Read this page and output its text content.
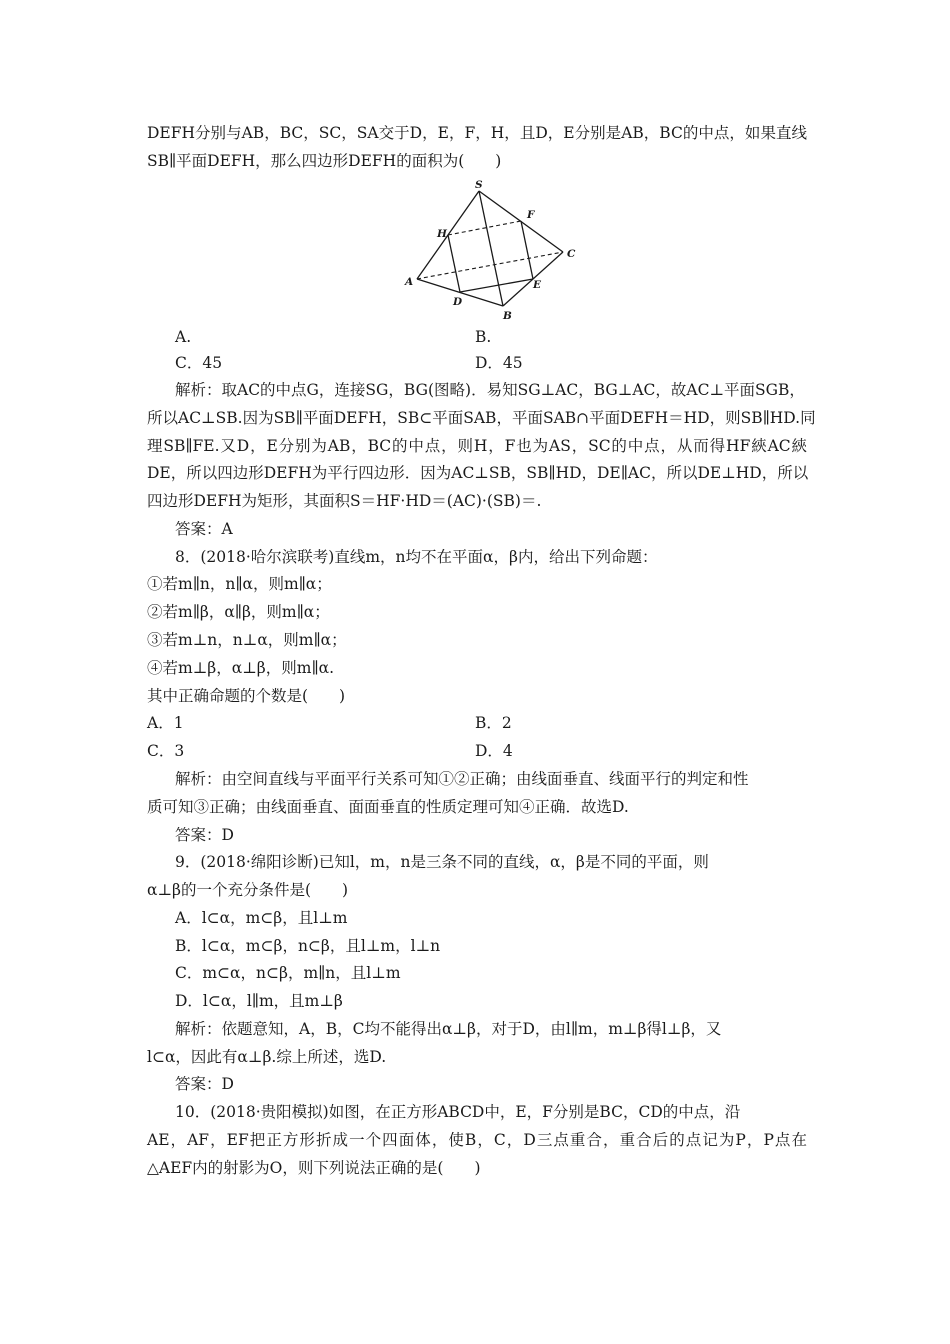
DEFH分别与AB，BC，SC，SA交于D，E，F，H，且D，E分别是AB，BC的中点，如果直线
SB∥平面DEFH，那么四边形DEFH的面积为(　　)
S
F
H
C
A	E
D
B
A.	B.
C．45	D．45
解析：取AC的中点G，连接SG，BG(图略)．易知SG⊥AC，BG⊥AC，故AC⊥平面SGB，
所以AC⊥SB.因为SB∥平面DEFH，SB⊂平面SAB，平面SAB∩平面DEFH＝HD，则SB∥HD.同
理SB∥FE.又D，E分别为AB，BC的中点，则H，F也为AS，SC的中点，从而得HF綊AC綊
DE，所以四边形DEFH为平行四边形．因为AC⊥SB，SB∥HD，DE∥AC，所以DE⊥HD，所以
四边形DEFH为矩形，其面积S＝HF·HD＝(AC)·(SB)＝.
答案：A
8．(2018·哈尔滨联考)直线m，n均不在平面α，β内，给出下列命题：
①若m∥n，n∥α，则m∥α；
②若m∥β，α∥β，则m∥α；
③若m⊥n，n⊥α，则m∥α；
④若m⊥β，α⊥β，则m∥α.
其中正确命题的个数是(　　)
A．1	B．2
C．3	D．4
解析：由空间直线与平面平行关系可知①②正确；由线面垂直、线面平行的判定和性
质可知③正确；由线面垂直、面面垂直的性质定理可知④正确．故选D.
答案：D
9．(2018·绵阳诊断)已知l，m，n是三条不同的直线，α，β是不同的平面，则
α⊥β的一个充分条件是(　　)
A．l⊂α，m⊂β，且l⊥m
B．l⊂α，m⊂β，n⊂β，且l⊥m，l⊥n
C．m⊂α，n⊂β，m∥n，且l⊥m
D．l⊂α，l∥m，且m⊥β
解析：依题意知，A，B，C均不能得出α⊥β，对于D，由l∥m，m⊥β得l⊥β，又
l⊂α，因此有α⊥β.综上所述，选D.
答案：D
10．(2018·贵阳模拟)如图，在正方形ABCD中，E，F分别是BC，CD的中点，沿
AE，AF，EF把正方形折成一个四面体，使B，C，D三点重合，重合后的点记为P，P点在
△AEF内的射影为O，则下列说法正确的是(　　)
